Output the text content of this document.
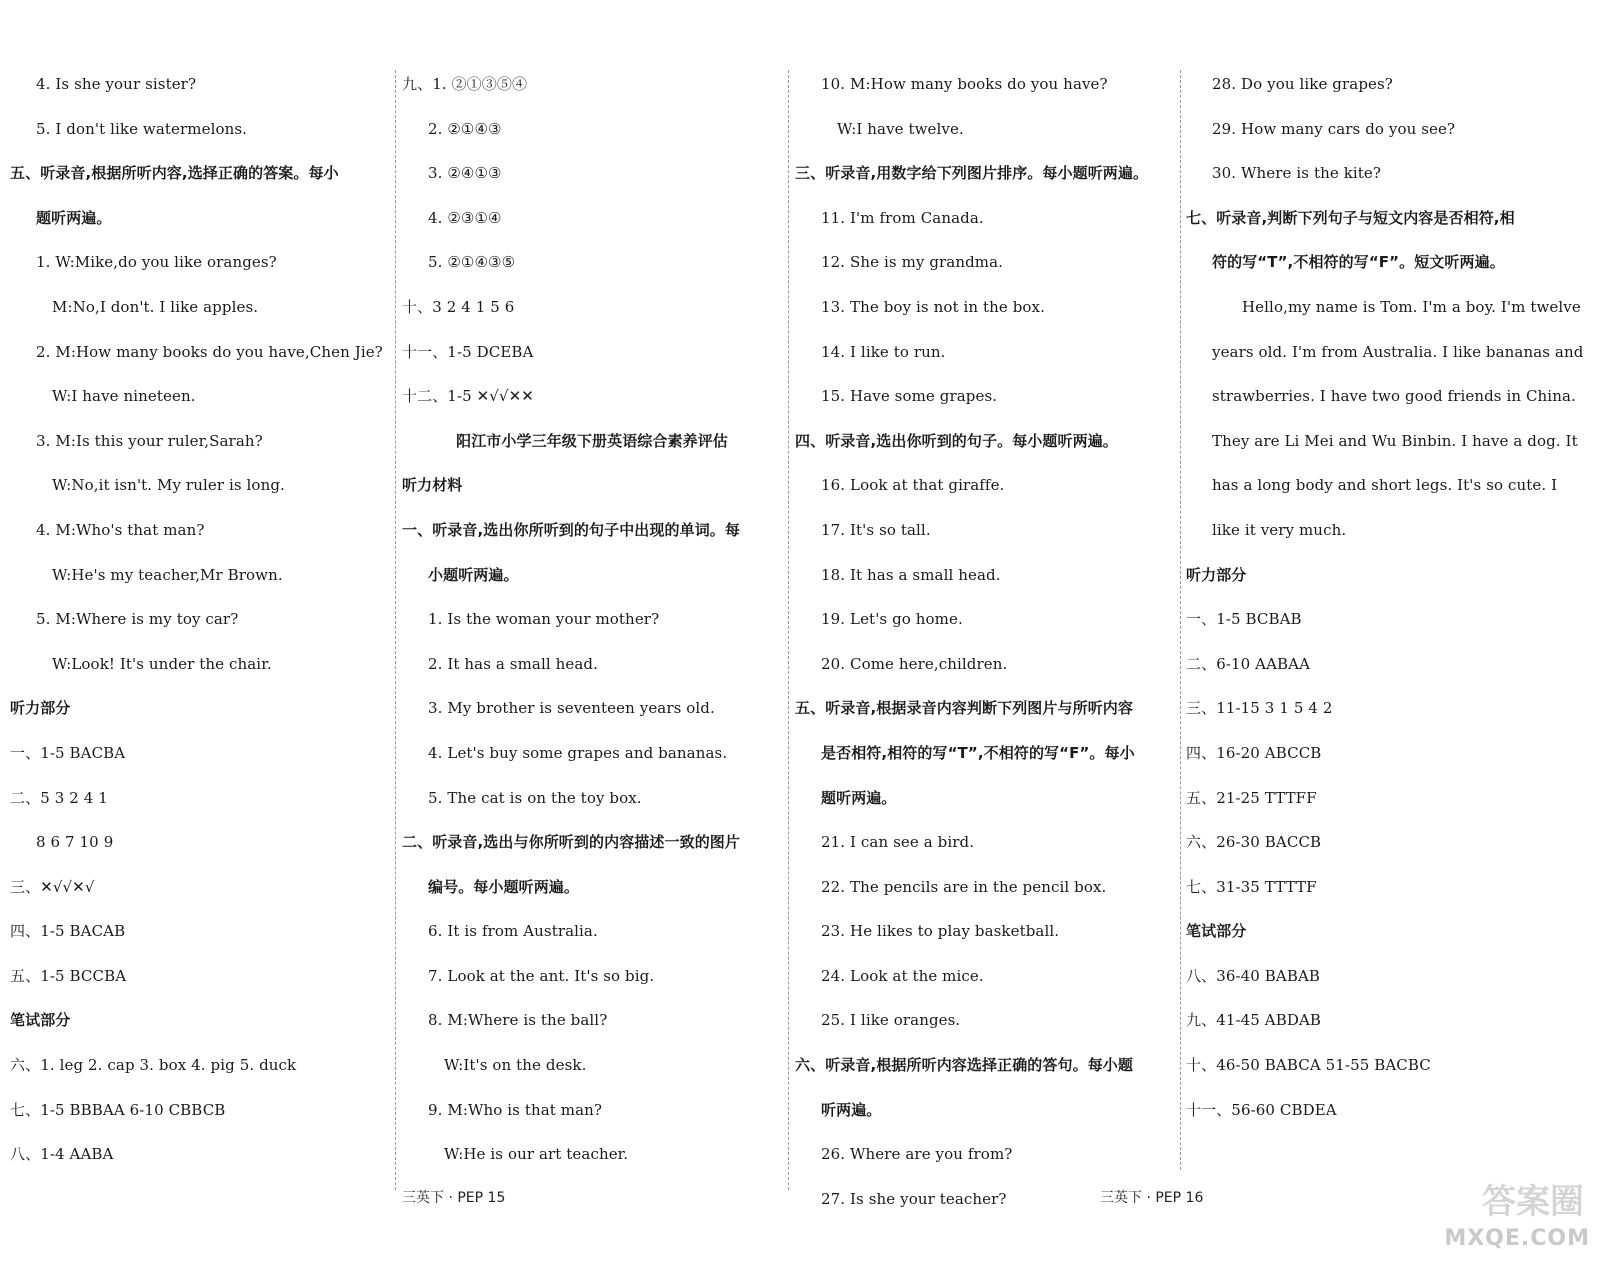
4. Is she your sister?
5. I don't like watermelons.
五、听录音,根据所听内容,选择正确的答案。每小
题听两遍。
1. W:Mike,do you like oranges?
M:No,I don't. I like apples.
2. M:How many books do you have,Chen Jie?
W:I have nineteen.
3. M:Is this your ruler,Sarah?
W:No,it isn't. My ruler is long.
4. M:Who's that man?
W:He's my teacher,Mr Brown.
5. M:Where is my toy car?
W:Look! It's under the chair.
听力部分
一、1-5 BACBA
二、5 3 2 4 1
8 6 7 10 9
三、✕√√✕√
四、1-5 BACAB
五、1-5 BCCBA
笔试部分
六、1. leg 2. cap 3. box 4. pig 5. duck
七、1-5 BBBAA 6-10 CBBCB
八、1-4 AABA
九、1. ②①③⑤④
2. ②①④③
3. ②④①③
4. ②③①④
5. ②①④③⑤
十、3 2 4 1 5 6
十一、1-5 DCEBA
十二、1-5 ✕√√✕✕
阳江市小学三年级下册英语综合素养评估
听力材料
一、听录音,选出你所听到的句子中出现的单词。每
小题听两遍。
1. Is the woman your mother?
2. It has a small head.
3. My brother is seventeen years old.
4. Let's buy some grapes and bananas.
5. The cat is on the toy box.
二、听录音,选出与你所听到的内容描述一致的图片
编号。每小题听两遍。
6. It is from Australia.
7. Look at the ant. It's so big.
8. M:Where is the ball?
W:It's on the desk.
9. M:Who is that man?
W:He is our art teacher.
10. M:How many books do you have?
W:I have twelve.
三、听录音,用数字给下列图片排序。每小题听两遍。
11. I'm from Canada.
12. She is my grandma.
13. The boy is not in the box.
14. I like to run.
15. Have some grapes.
四、听录音,选出你听到的句子。每小题听两遍。
16. Look at that giraffe.
17. It's so tall.
18. It has a small head.
19. Let's go home.
20. Come here,children.
五、听录音,根据录音内容判断下列图片与所听内容
是否相符,相符的写“T”,不相符的写“F”。每小
题听两遍。
21. I can see a bird.
22. The pencils are in the pencil box.
23. He likes to play basketball.
24. Look at the mice.
25. I like oranges.
六、听录音,根据所听内容选择正确的答句。每小题
听两遍。
26. Where are you from?
27. Is she your teacher?
28. Do you like grapes?
29. How many cars do you see?
30. Where is the kite?
七、听录音,判断下列句子与短文内容是否相符,相
符的写“T”,不相符的写“F”。短文听两遍。
Hello,my name is Tom. I'm a boy. I'm twelve
years old. I'm from Australia. I like bananas and
strawberries. I have two good friends in China.
They are Li Mei and Wu Binbin. I have a dog. It
has a long body and short legs. It's so cute. I
like it very much.
听力部分
一、1-5 BCBAB
二、6-10 AABAA
三、11-15 3 1 5 4 2
四、16-20 ABCCB
五、21-25 TTTFF
六、26-30 BACCB
七、31-35 TTTTF
笔试部分
八、36-40 BABAB
九、41-45 ABDAB
十、46-50 BABCA 51-55 BACBC
十一、56-60 CBDEA
三英下 · PEP 15	三英下 · PEP 16	答案圈
MXQE.COM
